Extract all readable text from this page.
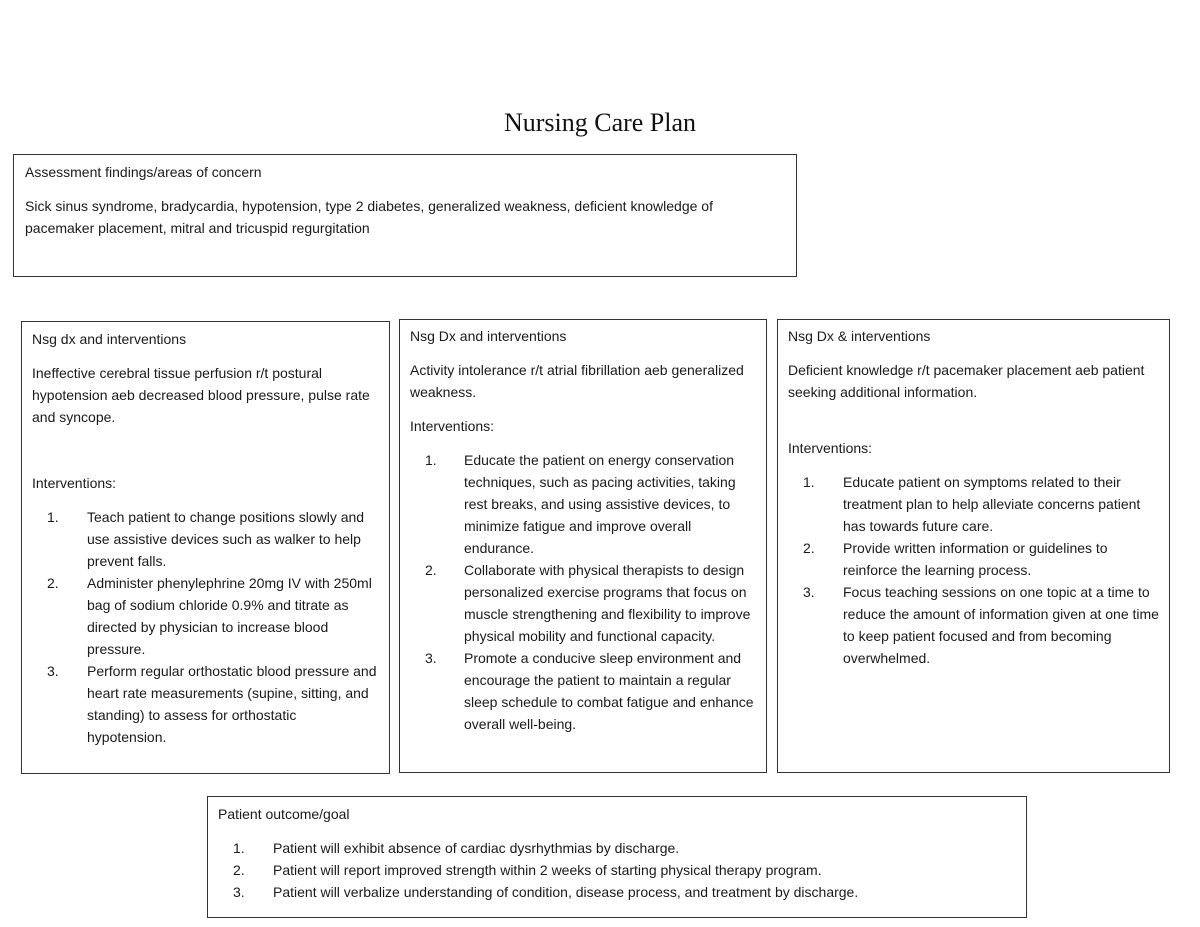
Nursing Care Plan

Assessment findings/areas of concern

Sick sinus syndrome, bradycardia, hypotension, type 2 diabetes, generalized weakness, deficient knowledge of pacemaker placement, mitral and tricuspid regurgitation

Nsg dx and interventions

Ineffective cerebral tissue perfusion r/t postural hypotension aeb decreased blood pressure, pulse rate and syncope.

Interventions:

1.	Teach patient to change positions slowly and use assistive devices such as walker to help prevent falls.
2.	Administer phenylephrine 20mg IV with 250ml bag of sodium chloride 0.9% and titrate as directed by physician to increase blood pressure.
3.	Perform regular orthostatic blood pressure and heart rate measurements (supine, sitting, and standing) to assess for orthostatic hypotension.

Nsg Dx and interventions

Activity intolerance r/t atrial fibrillation aeb generalized weakness.

Interventions:

1.	Educate the patient on energy conservation techniques, such as pacing activities, taking rest breaks, and using assistive devices, to minimize fatigue and improve overall endurance.
2.	Collaborate with physical therapists to design personalized exercise programs that focus on muscle strengthening and flexibility to improve physical mobility and functional capacity.
3.	Promote a conducive sleep environment and encourage the patient to maintain a regular sleep schedule to combat fatigue and enhance overall well-being.

Nsg Dx & interventions

Deficient knowledge r/t pacemaker placement aeb patient seeking additional information.

Interventions:

1.	Educate patient on symptoms related to their treatment plan to help alleviate concerns patient has towards future care.
2.	Provide written information or guidelines to reinforce the learning process.
3.	Focus teaching sessions on one topic at a time to reduce the amount of information given at one time to keep patient focused and from becoming overwhelmed.

Patient outcome/goal

1.	Patient will exhibit absence of cardiac dysrhythmias by discharge.
2.	Patient will report improved strength within 2 weeks of starting physical therapy program.
3.	Patient will verbalize understanding of condition, disease process, and treatment by discharge.
